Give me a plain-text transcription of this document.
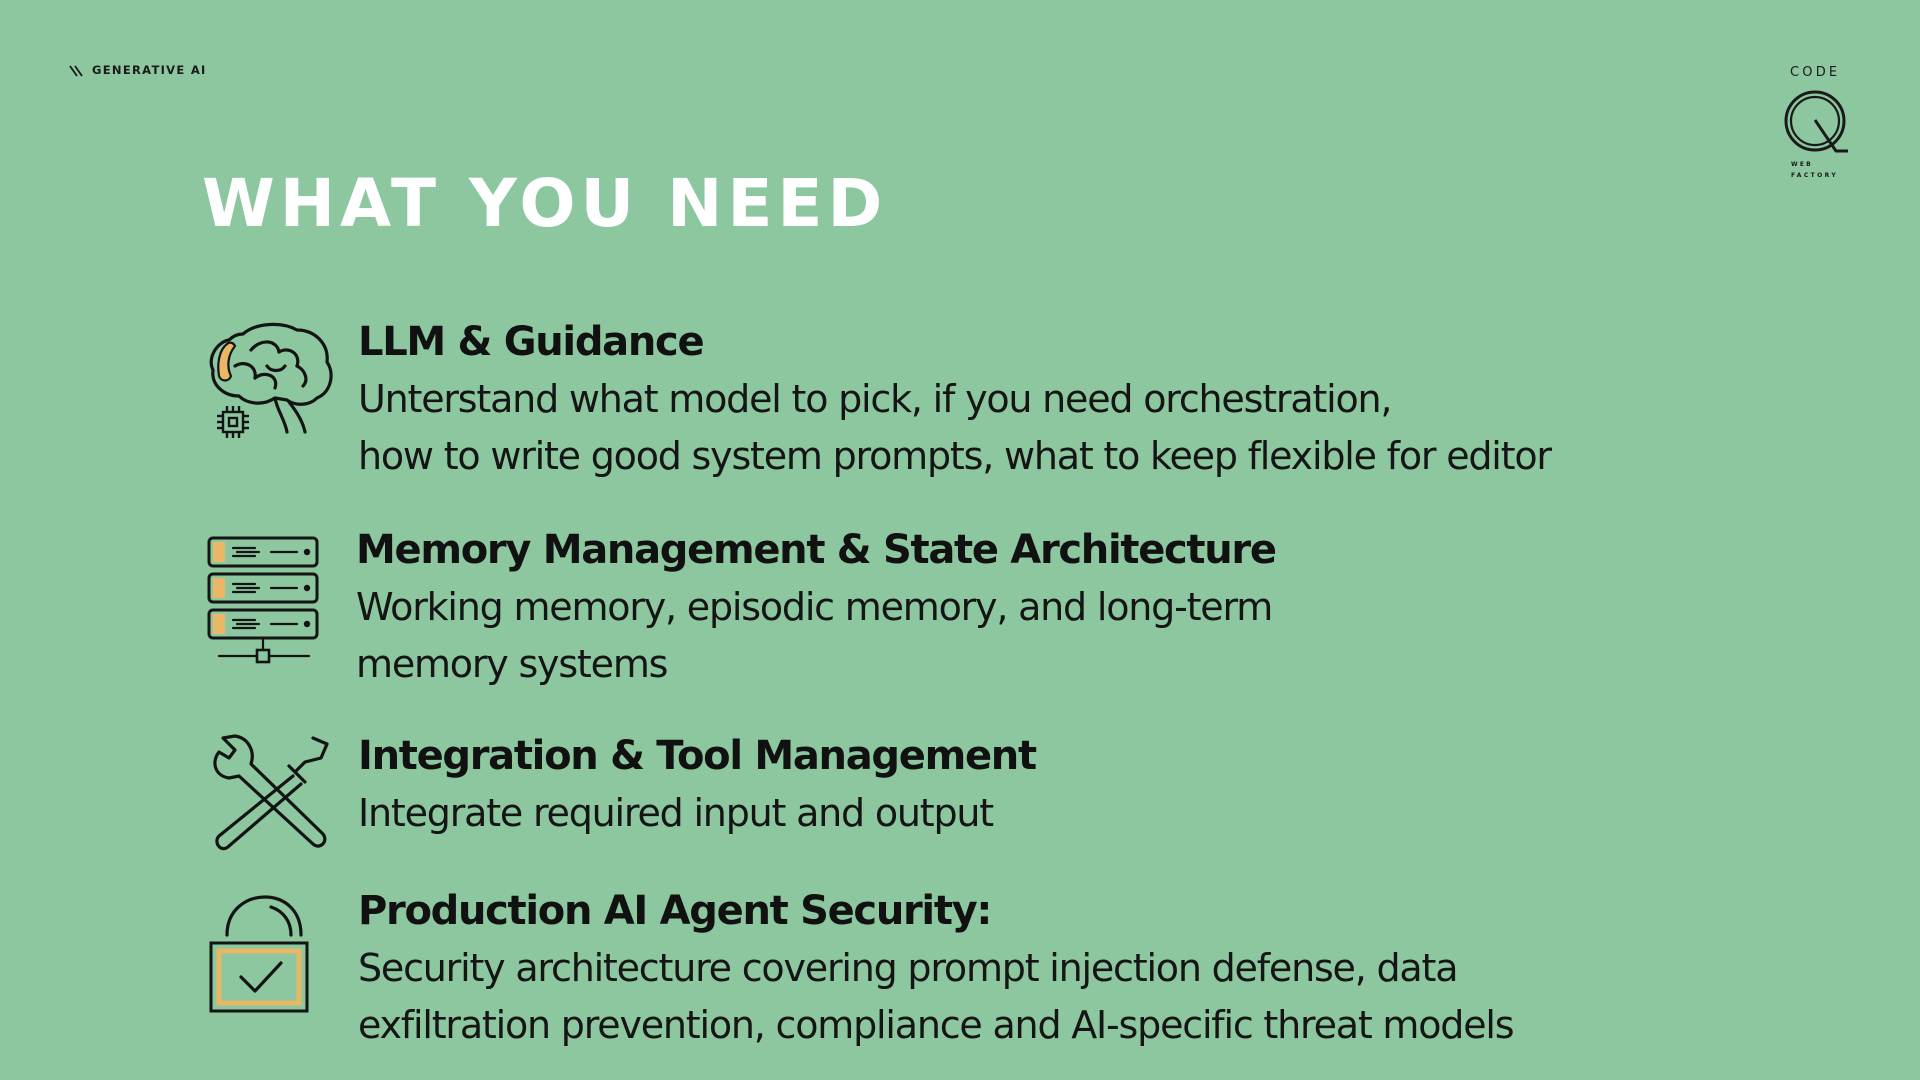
GENERATIVE AI	CODE
WEB
FACTORY
WHAT YOU NEED
LLM & Guidance
Unterstand what model to pick, if you need orchestration,
how to write good system prompts, what to keep flexible for editor
Memory Management & State Architecture
Working memory, episodic memory, and long-term
memory systems
Integration & Tool Management
Integrate required input and output
Production AI Agent Security:
Security architecture covering prompt injection defense, data
exfiltration prevention, compliance and AI-specific threat models
